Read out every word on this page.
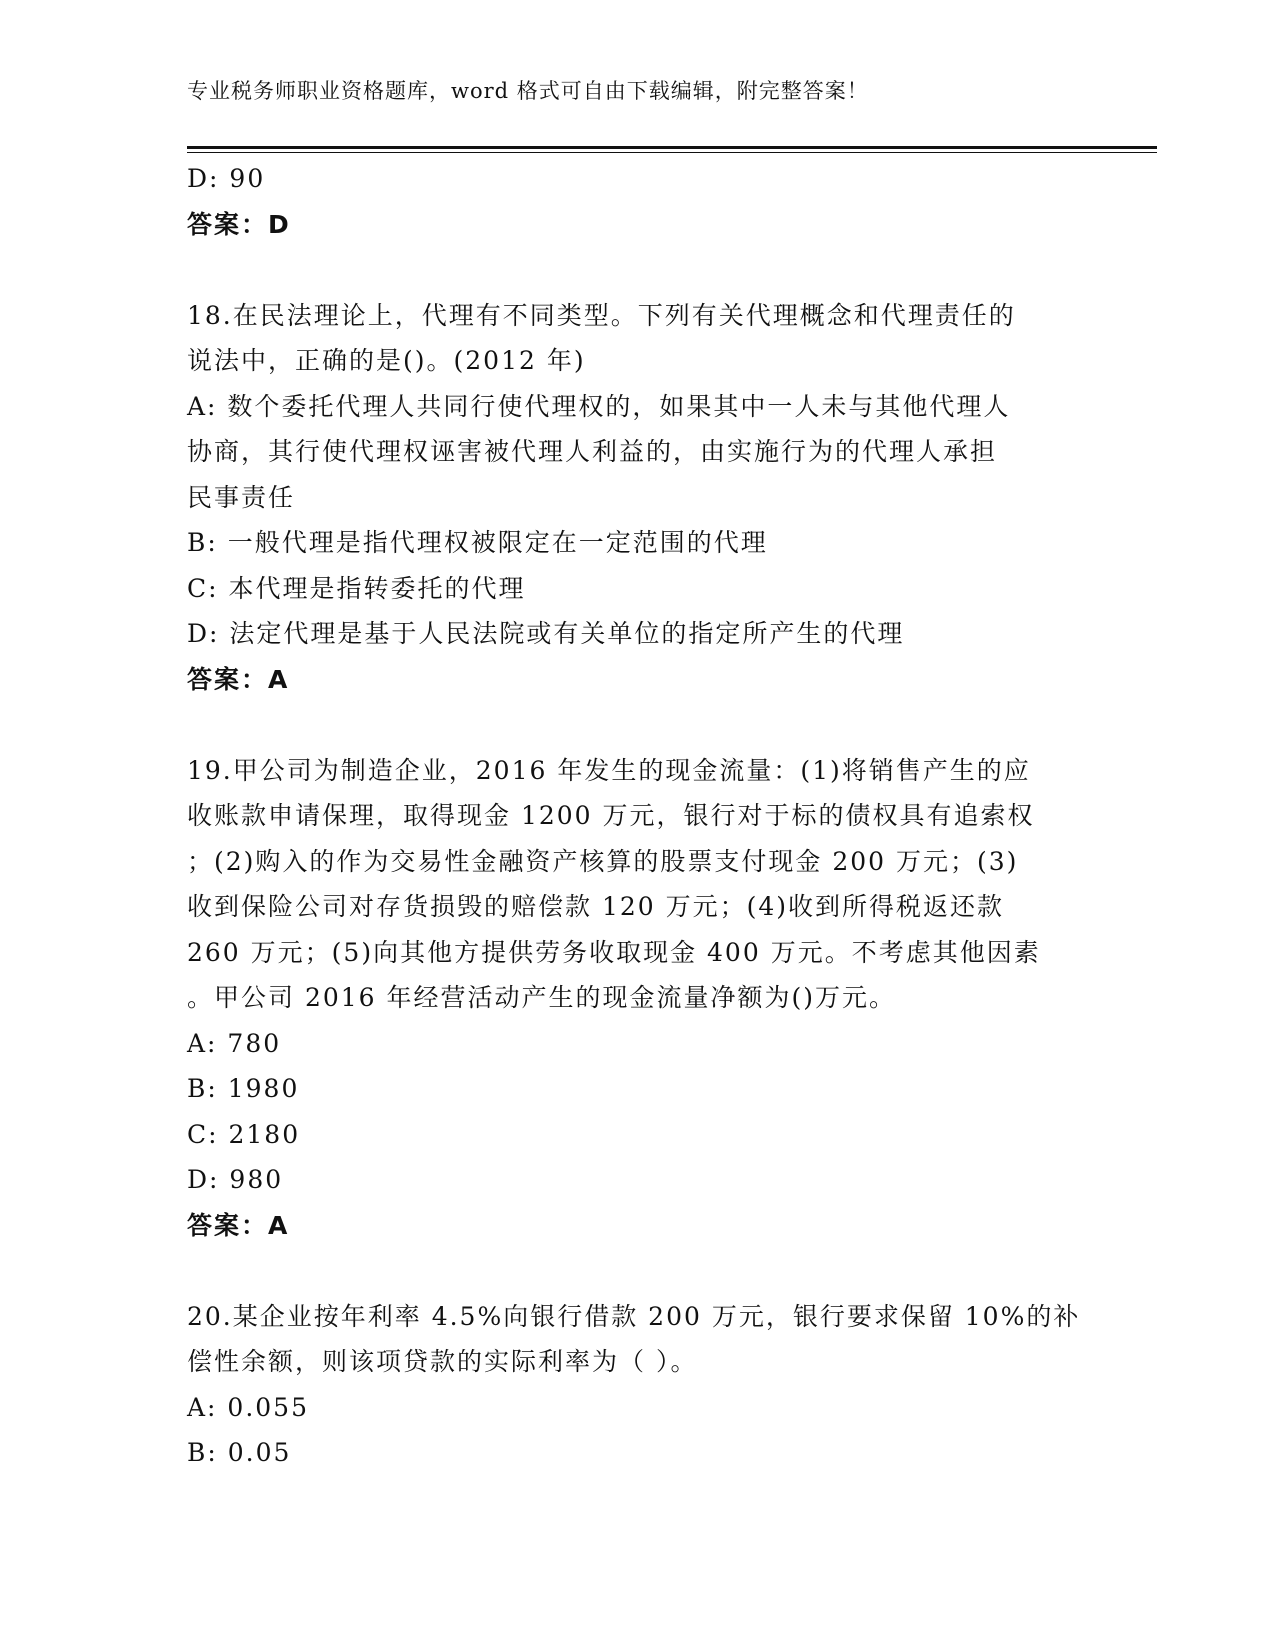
专业税务师职业资格题库，word 格式可自由下载编辑，附完整答案！
D: 90
答案：D
18.在民法理论上，代理有不同类型。下列有关代理概念和代理责任的
说法中，正确的是()。(2012 年)
A: 数个委托代理人共同行使代理权的，如果其中一人未与其他代理人
协商，其行使代理权诬害被代理人利益的，由实施行为的代理人承担
民事责任
B: 一般代理是指代理权被限定在一定范围的代理
C: 本代理是指转委托的代理
D: 法定代理是基于人民法院或有关单位的指定所产生的代理
答案：A
19.甲公司为制造企业，2016 年发生的现金流量：(1)将销售产生的应
收账款申请保理，取得现金 1200 万元，银行对于标的债权具有追索权
；(2)购入的作为交易性金融资产核算的股票支付现金 200 万元；(3)
收到保险公司对存货损毁的赔偿款 120 万元；(4)收到所得税返还款
260 万元；(5)向其他方提供劳务收取现金 400 万元。不考虑其他因素
。甲公司 2016 年经营活动产生的现金流量净额为()万元。
A: 780
B: 1980
C: 2180
D: 980
答案：A
20.某企业按年利率 4.5%向银行借款 200 万元，银行要求保留 10%的补
偿性余额，则该项贷款的实际利率为（ ）。
A: 0.055
B: 0.05
